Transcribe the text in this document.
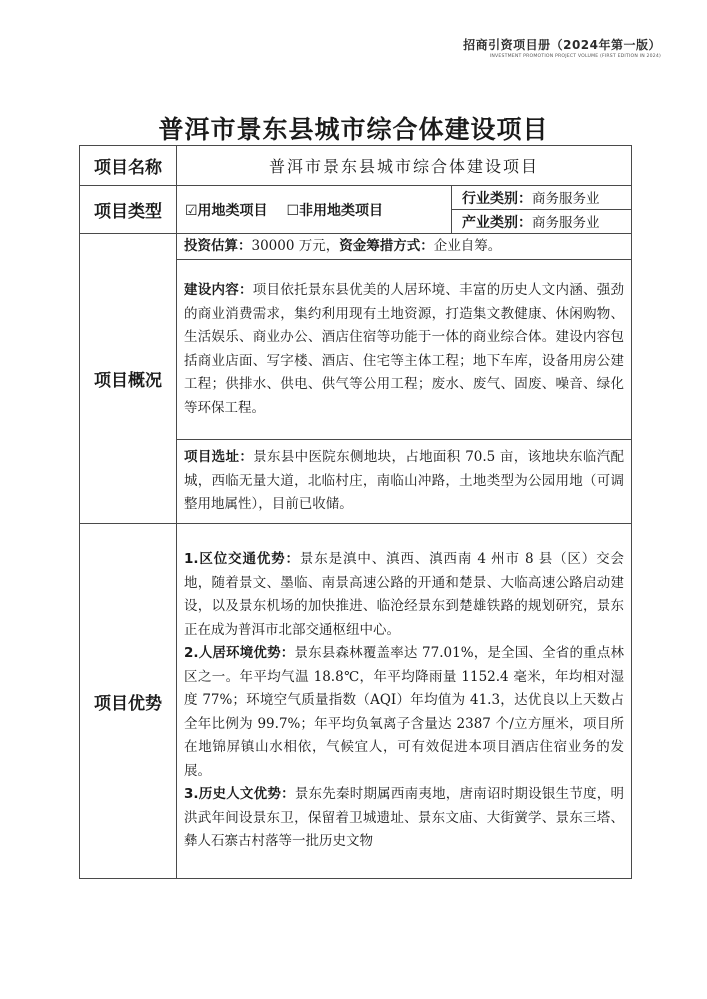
招商引资项目册（2024年第一版）
INVESTMENT PROMOTION PROJECT VOLUME (FIRST EDITION IN 2024)
普洱市景东县城市综合体建设项目
项目名称	普洱市景东县城市综合体建设项目	
项目类型	☑用地类项目 ☐非用地类项目	行业类别：商务服务业
		产业类别：商务服务业
项目概况	投资估算：30000 万元，资金筹措方式：企业自筹。	
	建设内容：项目依托景东县优美的人居环境、丰富的历史人文内涵、强劲的商业消费需求，集约利用现有土地资源，打造集文教健康、休闲购物、生活娱乐、商业办公、酒店住宿等功能于一体的商业综合体。建设内容包括商业店面、写字楼、酒店、住宅等主体工程；地下车库，设备用房公建工程；供排水、供电、供气等公用工程；废水、废气、固废、噪音、绿化等环保工程。	
	项目选址：景东县中医院东侧地块，占地面积 70.5 亩，该地块东临汽配城，西临无量大道，北临村庄，南临山冲路，土地类型为公园用地（可调整用地属性），目前已收储。	
项目优势	1.区位交通优势：景东是滇中、滇西、滇西南 4 州市 8 县（区）交会地，随着景文、墨临、南景高速公路的开通和楚景、大临高速公路启动建设，以及景东机场的加快推进、临沧经景东到楚雄铁路的规划研究，景东正在成为普洱市北部交通枢纽中心。

2.人居环境优势：景东县森林覆盖率达 77.01%，是全国、全省的重点林区之一。年平均气温 18.8℃，年平均降雨量 1152.4 毫米，年均相对湿度 77%；环境空气质量指数（AQI）年均值为 41.3，达优良以上天数占全年比例为 99.7%；年平均负氧离子含量达 2387 个/立方厘米，项目所在地锦屏镇山水相依，气候宜人，可有效促进本项目酒店住宿业务的发展。

3.历史人文优势：景东先秦时期属西南夷地，唐南诏时期设银生节度，明洪武年间设景东卫，保留着卫城遗址、景东文庙、大街黉学、景东三塔、彝人石寨古村落等一批历史文物	
